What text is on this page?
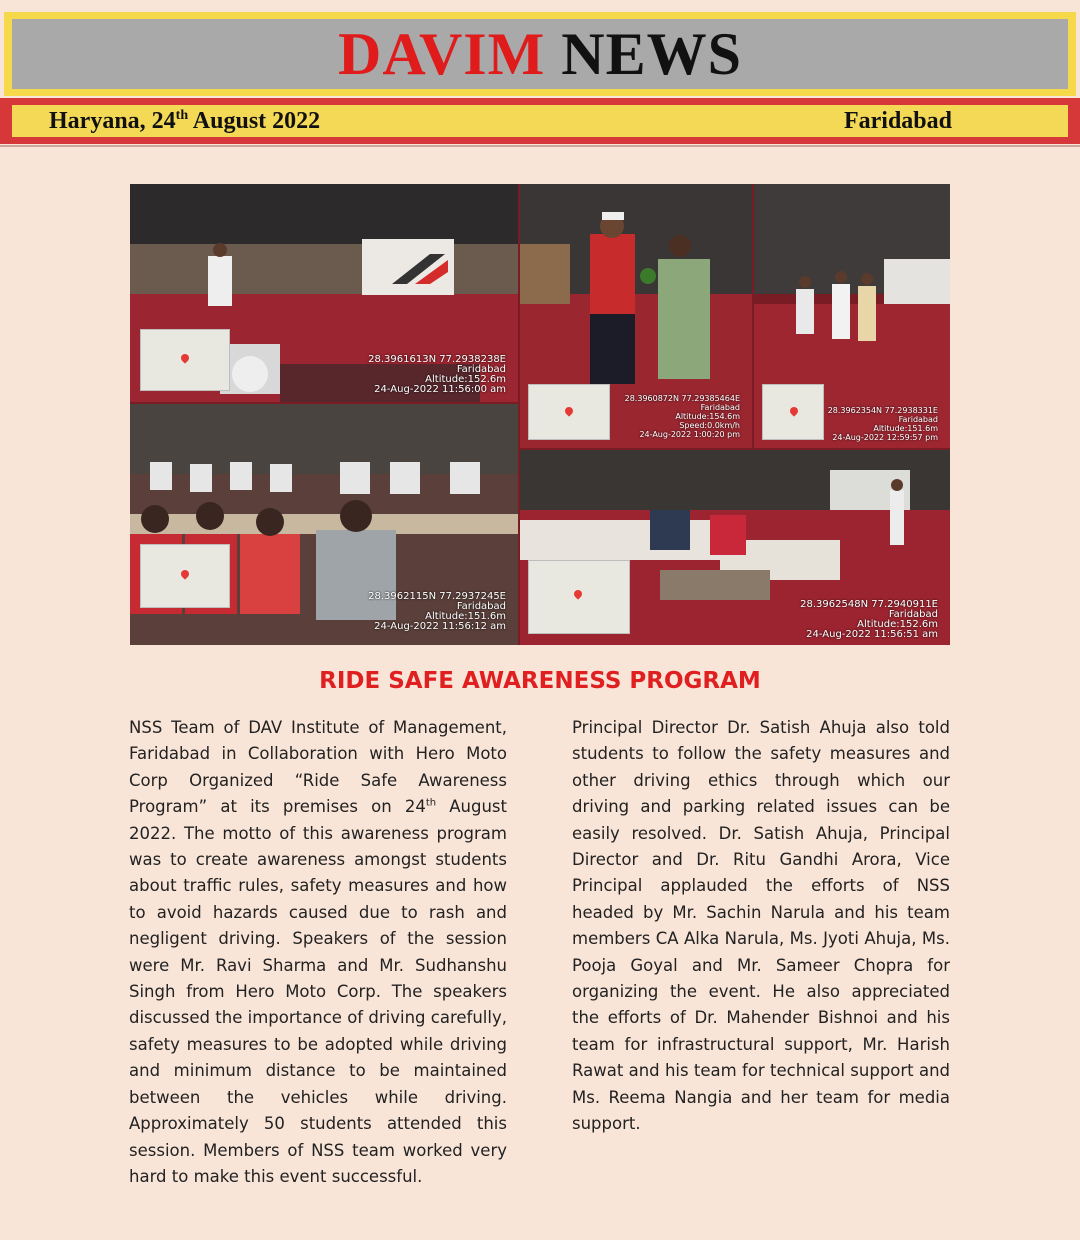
DAVIM NEWS
Haryana, 24th August 2022	Faridabad
28.3961613N 77.2938238E
Faridabad
Altitude:152.6m
24-Aug-2022 11:56:00 am
28.3960872N 77.29385464E
Faridabad
Altitude:154.6m
Speed:0.0km/h
24-Aug-2022 1:00:20 pm
28.3962354N 77.2938331E
Faridabad
Altitude:151.6m
24-Aug-2022 12:59:57 pm
28.3962115N 77.2937245E
Faridabad
Altitude:151.6m
24-Aug-2022 11:56:12 am
28.3962548N 77.2940911E
Faridabad
Altitude:152.6m
24-Aug-2022 11:56:51 am
RIDE SAFE AWARENESS PROGRAM
NSS Team of DAV Institute of Management, Faridabad in Collaboration with Hero Moto Corp Organized “Ride Safe Awareness Program” at its premises on 24th August 2022. The motto of this awareness program was to create awareness amongst students about traffic rules, safety measures and how to avoid hazards caused due to rash and negligent driving. Speakers of the session were Mr. Ravi Sharma and Mr. Sudhanshu Singh from Hero Moto Corp. The speakers discussed the importance of driving carefully, safety measures to be adopted while driving and minimum distance to be maintained between the vehicles while driving. Approximately 50 students attended this session. Members of NSS team worked very hard to make this event successful.
Principal Director Dr. Satish Ahuja also told students to follow the safety measures and other driving ethics through which our driving and parking related issues can be easily resolved. Dr. Satish Ahuja, Principal Director and Dr. Ritu Gandhi Arora, Vice Principal applauded the efforts of NSS headed by Mr. Sachin Narula and his team members CA Alka Narula, Ms. Jyoti Ahuja, Ms. Pooja Goyal and Mr. Sameer Chopra for organizing the event. He also appreciated the efforts of Dr. Mahender Bishnoi and his team for infrastructural support, Mr. Harish Rawat and his team for technical support and Ms. Reema Nangia and her team for media support.
